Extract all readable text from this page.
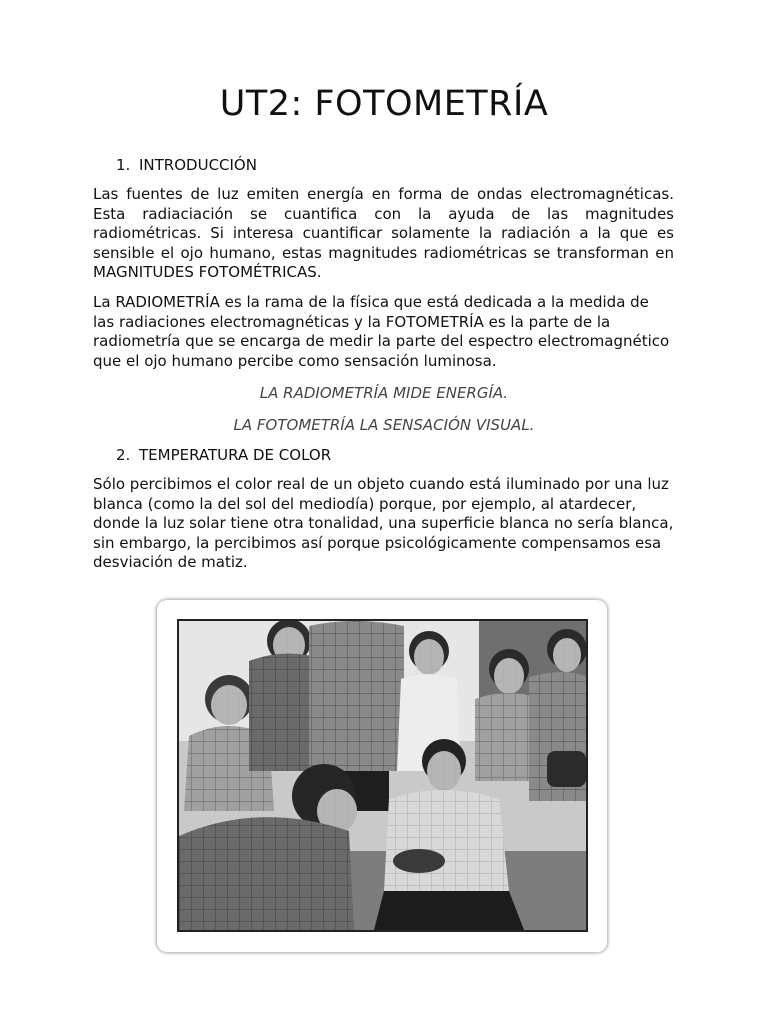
UT2: FOTOMETRÍA

1. INTRODUCCIÓN

Las fuentes de luz emiten energía en forma de ondas electromagnéticas. Esta radiaciación se cuantifica con la ayuda de las magnitudes radiométricas. Si interesa cuantificar solamente la radiación a la que es sensible el ojo humano, estas magnitudes radiométricas se transforman en MAGNITUDES FOTOMÉTRICAS.

La RADIOMETRÍA es la rama de la física que está dedicada a la medida de las radiaciones electromagnéticas y la FOTOMETRÍA es la parte de la radiometría que se encarga de medir la parte del espectro electromagnético que el ojo humano percibe como sensación luminosa.

LA RADIOMETRÍA MIDE ENERGÍA.

LA FOTOMETRÍA LA SENSACIÓN VISUAL.

2. TEMPERATURA DE COLOR

Sólo percibimos el color real de un objeto cuando está iluminado por una luz blanca (como la del sol del mediodía) porque, por ejemplo, al atardecer, donde la luz solar tiene otra tonalidad, una superficie blanca no sería blanca, sin embargo, la percibimos así porque psicológicamente compensamos esa desviación de matiz.
